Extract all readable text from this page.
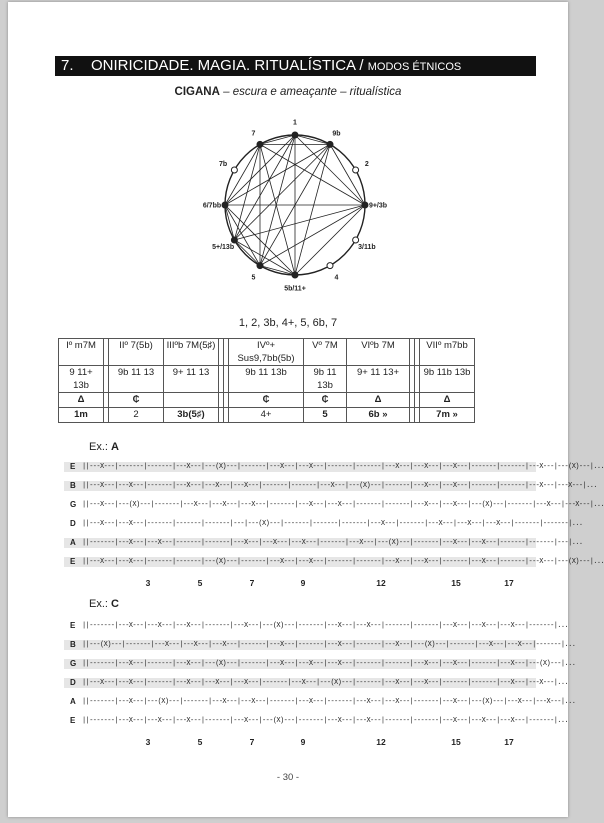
7. ONIRICIDADE. MAGIA. RITUALÍSTICA / MODOS ÉTNICOS
CIGANA – escura e ameaçante – ritualística
1
9b
2
9+/3b
3/11b
4
5b/11+
5
5+/13b
6/7bb
7b
7
1, 2, 3b, 4+, 5, 6b, 7
Iº m7M		IIº 7(5b)	IIIºb 7M(5♯)			IVº+ Sus9,7bb(5b)	Vº 7M	VIºb 7M			VIIº m7bb
9 11+ 13b		9b 11 13	9+ 11 13			9b 11 13b	9b 11 13b	9+ 11 13+			9b 11b 13b
Δ		₵				₵	₵	Δ			Δ
1m		2	3b(5♯)			4+	5	6b »			7m »
Ex.: A
E ||---X---|-------|-------|---X---|---(X)---|-------|---X---|---X---|-------|-------|---X---|---X---|---X---|-------|-------|---X---|---(X)---|...
B ||---X---|---X---|-------|---X---|---X---|---X---|-------|-------|---X---|---(X)---|-------|---X---|---X---|-------|-------|---X---|---X---|...
G ||---X---|---(X)---|-------|---X---|---X---|---X---|-------|---X---|---X---|-------|-------|---X---|---X---|---(X)---|-------|---X---|---X---|...
D ||---X---|---X---|-------|-------|-------|---|---(X)---|-------|-------|-------|---X---|-------|---X---|---X---|---X---|-------|-------|...
A ||-------|---X---|---X---|-------|-------|---X---|---X---|---X---|-------|---X---|---(X)---|-------|---X---|---X---|-------|-------|---|...
E ||---X---|---X---|-------|-------|---(X)---|-------|---X---|---X---|-------|-------|---X---|---X---|-------|---X---|-------|---X---|---(X)---|...
3	5	7	9	12	15	17
Ex.: C
E ||-------|---X---|---X---|---X---|-------|---X---|---(X)---|-------|---X---|---X---|-------|-------|---X---|---X---|---X---|-------|...
B ||---(X)---|-------|---X---|---X---|---X---|-------|---X---|-------|---X---|-------|---X---|---(X)---|-------|---X---|---X---|-------|...
G ||-------|---X---|-------|---X---|---(X)---|-------|---X---|---X---|---X---|-------|-------|---X---|---X---|-------|---X---|---(X)---|...
D ||---X---|---X---|-------|---X---|---X---|---X---|-------|---X---|---(X)---|-------|---X---|---X---|-------|-------|---X---|---X---|...
A ||-------|---X---|---(X)---|-------|---X---|---X---|-------|---X---|-------|---X---|---X---|-------|---X---|---(X)---|---X---|---X---|...
E ||-------|---X---|---X---|---X---|-------|---X---|---(X)---|-------|---X---|---X---|-------|-------|---X---|---X---|---X---|-------|...
3	5	7	9	12	15	17
- 30 -
